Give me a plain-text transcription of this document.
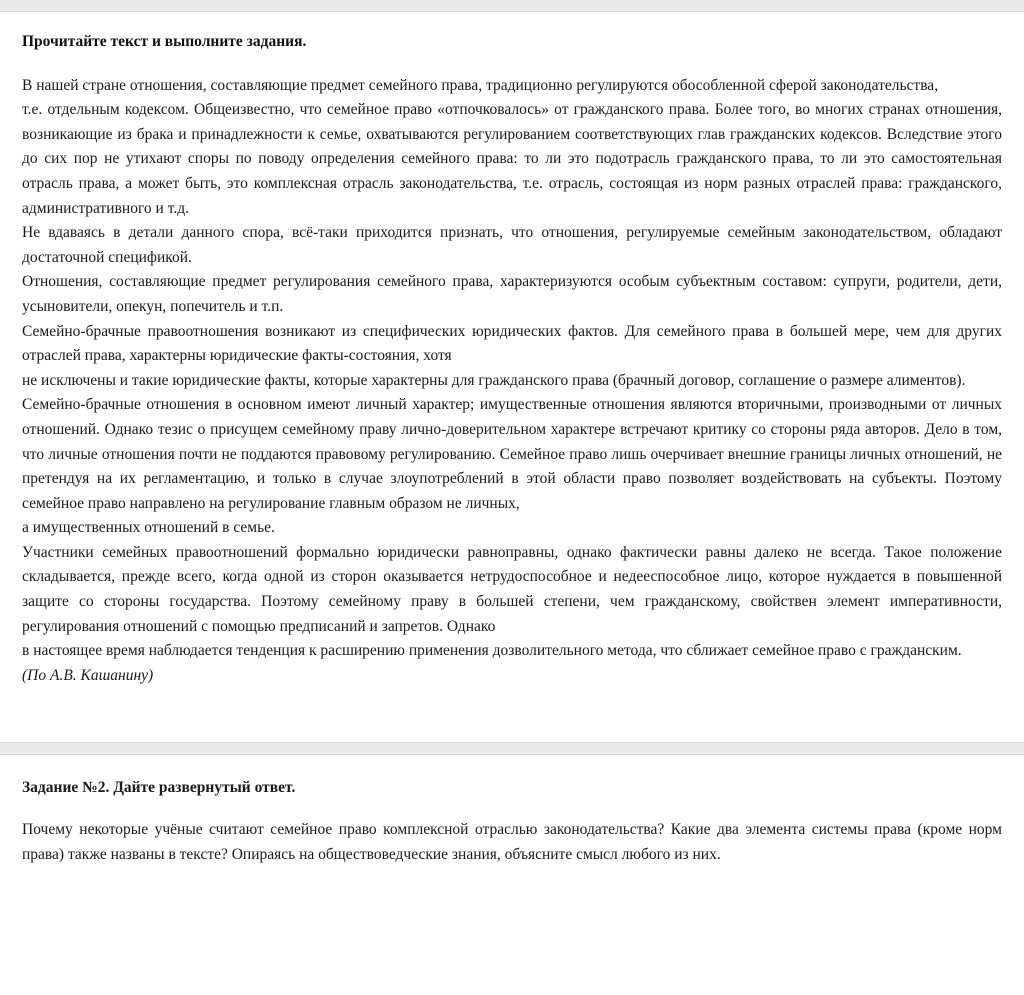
Прочитайте текст и выполните задания.

В нашей стране отношения, составляющие предмет семейного права, традиционно регулируются обособленной сферой законодательства,

т.е. отдельным кодексом. Общеизвестно, что семейное право «отпочковалось» от гражданского права. Более того, во многих странах отношения, возникающие из брака и принадлежности к семье, охватываются регулированием соответствующих глав гражданских кодексов. Вследствие этого до сих пор не утихают споры по поводу определения семейного права: то ли это подотрасль гражданского права, то ли это самостоятельная отрасль права, а может быть, это комплексная отрасль законодательства, т.е. отрасль, состоящая из норм разных отраслей права: гражданского, административного и т.д.

Не вдаваясь в детали данного спора, всё-таки приходится признать, что отношения, регулируемые семейным законодательством, обладают достаточной спецификой.

Отношения, составляющие предмет регулирования семейного права, характеризуются особым субъектным составом: супруги, родители, дети, усыновители, опекун, попечитель и т.п.

Семейно-брачные правоотношения возникают из специфических юридических фактов. Для семейного права в большей мере, чем для других отраслей права, характерны юридические факты-состояния, хотя

не исключены и такие юридические факты, которые характерны для гражданского права (брачный договор, соглашение о размере алиментов).

Семейно-брачные отношения в основном имеют личный характер; имущественные отношения являются вторичными, производными от личных отношений. Однако тезис о присущем семейному праву лично-доверительном характере встречают критику со стороны ряда авторов. Дело в том, что личные отношения почти не поддаются правовому регулированию. Семейное право лишь очерчивает внешние границы личных отношений, не претендуя на их регламентацию, и только в случае злоупотреблений в этой области право позволяет воздействовать на субъекты. Поэтому семейное право направлено на регулирование главным образом не личных,

а имущественных отношений в семье.

Участники семейных правоотношений формально юридически равноправны, однако фактически равны далеко не всегда. Такое положение складывается, прежде всего, когда одной из сторон оказывается нетрудоспособное и недееспособное лицо, которое нуждается в повышенной защите со стороны государства. Поэтому семейному праву в большей степени, чем гражданскому, свойствен элемент императивности, регулирования отношений с помощью предписаний и запретов. Однако

в настоящее время наблюдается тенденция к расширению применения дозволительного метода, что сближает семейное право с гражданским.

(По А.В. Кашанину)

Задание №2. Дайте развернутый ответ.

Почему некоторые учёные считают семейное право комплексной отраслью законодательства? Какие два элемента системы права (кроме норм права) также названы в тексте? Опираясь на обществоведческие знания, объясните смысл любого из них.
